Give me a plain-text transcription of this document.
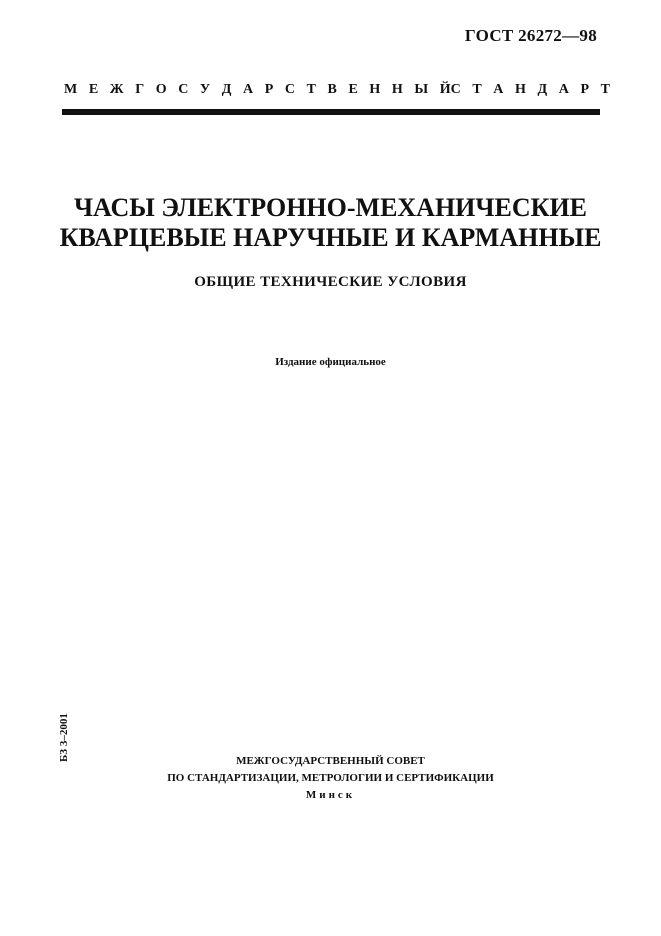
ГОСТ 26272—98
М Е Ж Г О С У Д А Р С Т В Е Н Н Ы Й С Т А Н Д А Р Т
ЧАСЫ ЭЛЕКТРОННО-МЕХАНИЧЕСКИЕ
КВАРЦЕВЫЕ НАРУЧНЫЕ И КАРМАННЫЕ
ОБЩИЕ ТЕХНИЧЕСКИЕ УСЛОВИЯ
Издание официальное
БЗ 3–2001	МЕЖГОСУДАРСТВЕННЫЙ СОВЕТ
ПО СТАНДАРТИЗАЦИИ, МЕТРОЛОГИИ И СЕРТИФИКАЦИИ
Минск
